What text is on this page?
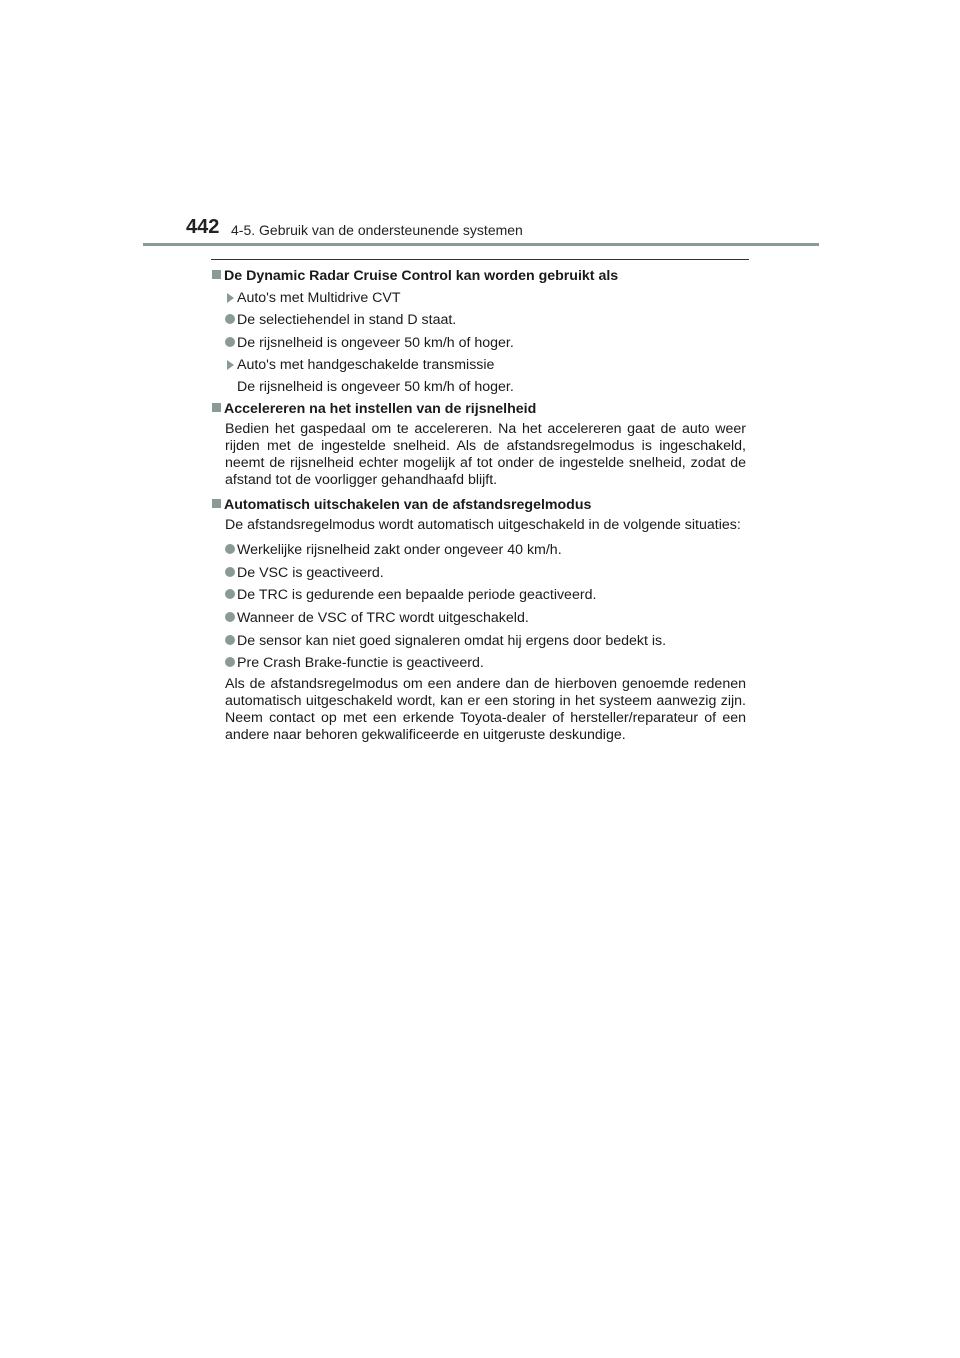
442 4-5. Gebruik van de ondersteunende systemen
De Dynamic Radar Cruise Control kan worden gebruikt als
Auto's met Multidrive CVT
De selectiehendel in stand D staat.
De rijsnelheid is ongeveer 50 km/h of hoger.
Auto's met handgeschakelde transmissie
De rijsnelheid is ongeveer 50 km/h of hoger.
Accelereren na het instellen van de rijsnelheid
Bedien het gaspedaal om te accelereren. Na het accelereren gaat de auto weer rijden met de ingestelde snelheid. Als de afstandsregelmodus is ingeschakeld, neemt de rijsnelheid echter mogelijk af tot onder de ingestelde snelheid, zodat de afstand tot de voorligger gehandhaafd blijft.
Automatisch uitschakelen van de afstandsregelmodus
De afstandsregelmodus wordt automatisch uitgeschakeld in de volgende situaties:
Werkelijke rijsnelheid zakt onder ongeveer 40 km/h.
De VSC is geactiveerd.
De TRC is gedurende een bepaalde periode geactiveerd.
Wanneer de VSC of TRC wordt uitgeschakeld.
De sensor kan niet goed signaleren omdat hij ergens door bedekt is.
Pre Crash Brake-functie is geactiveerd.
Als de afstandsregelmodus om een andere dan de hierboven genoemde redenen automatisch uitgeschakeld wordt, kan er een storing in het systeem aanwezig zijn. Neem contact op met een erkende Toyota-dealer of hersteller/reparateur of een andere naar behoren gekwalificeerde en uitgeruste deskundige.
